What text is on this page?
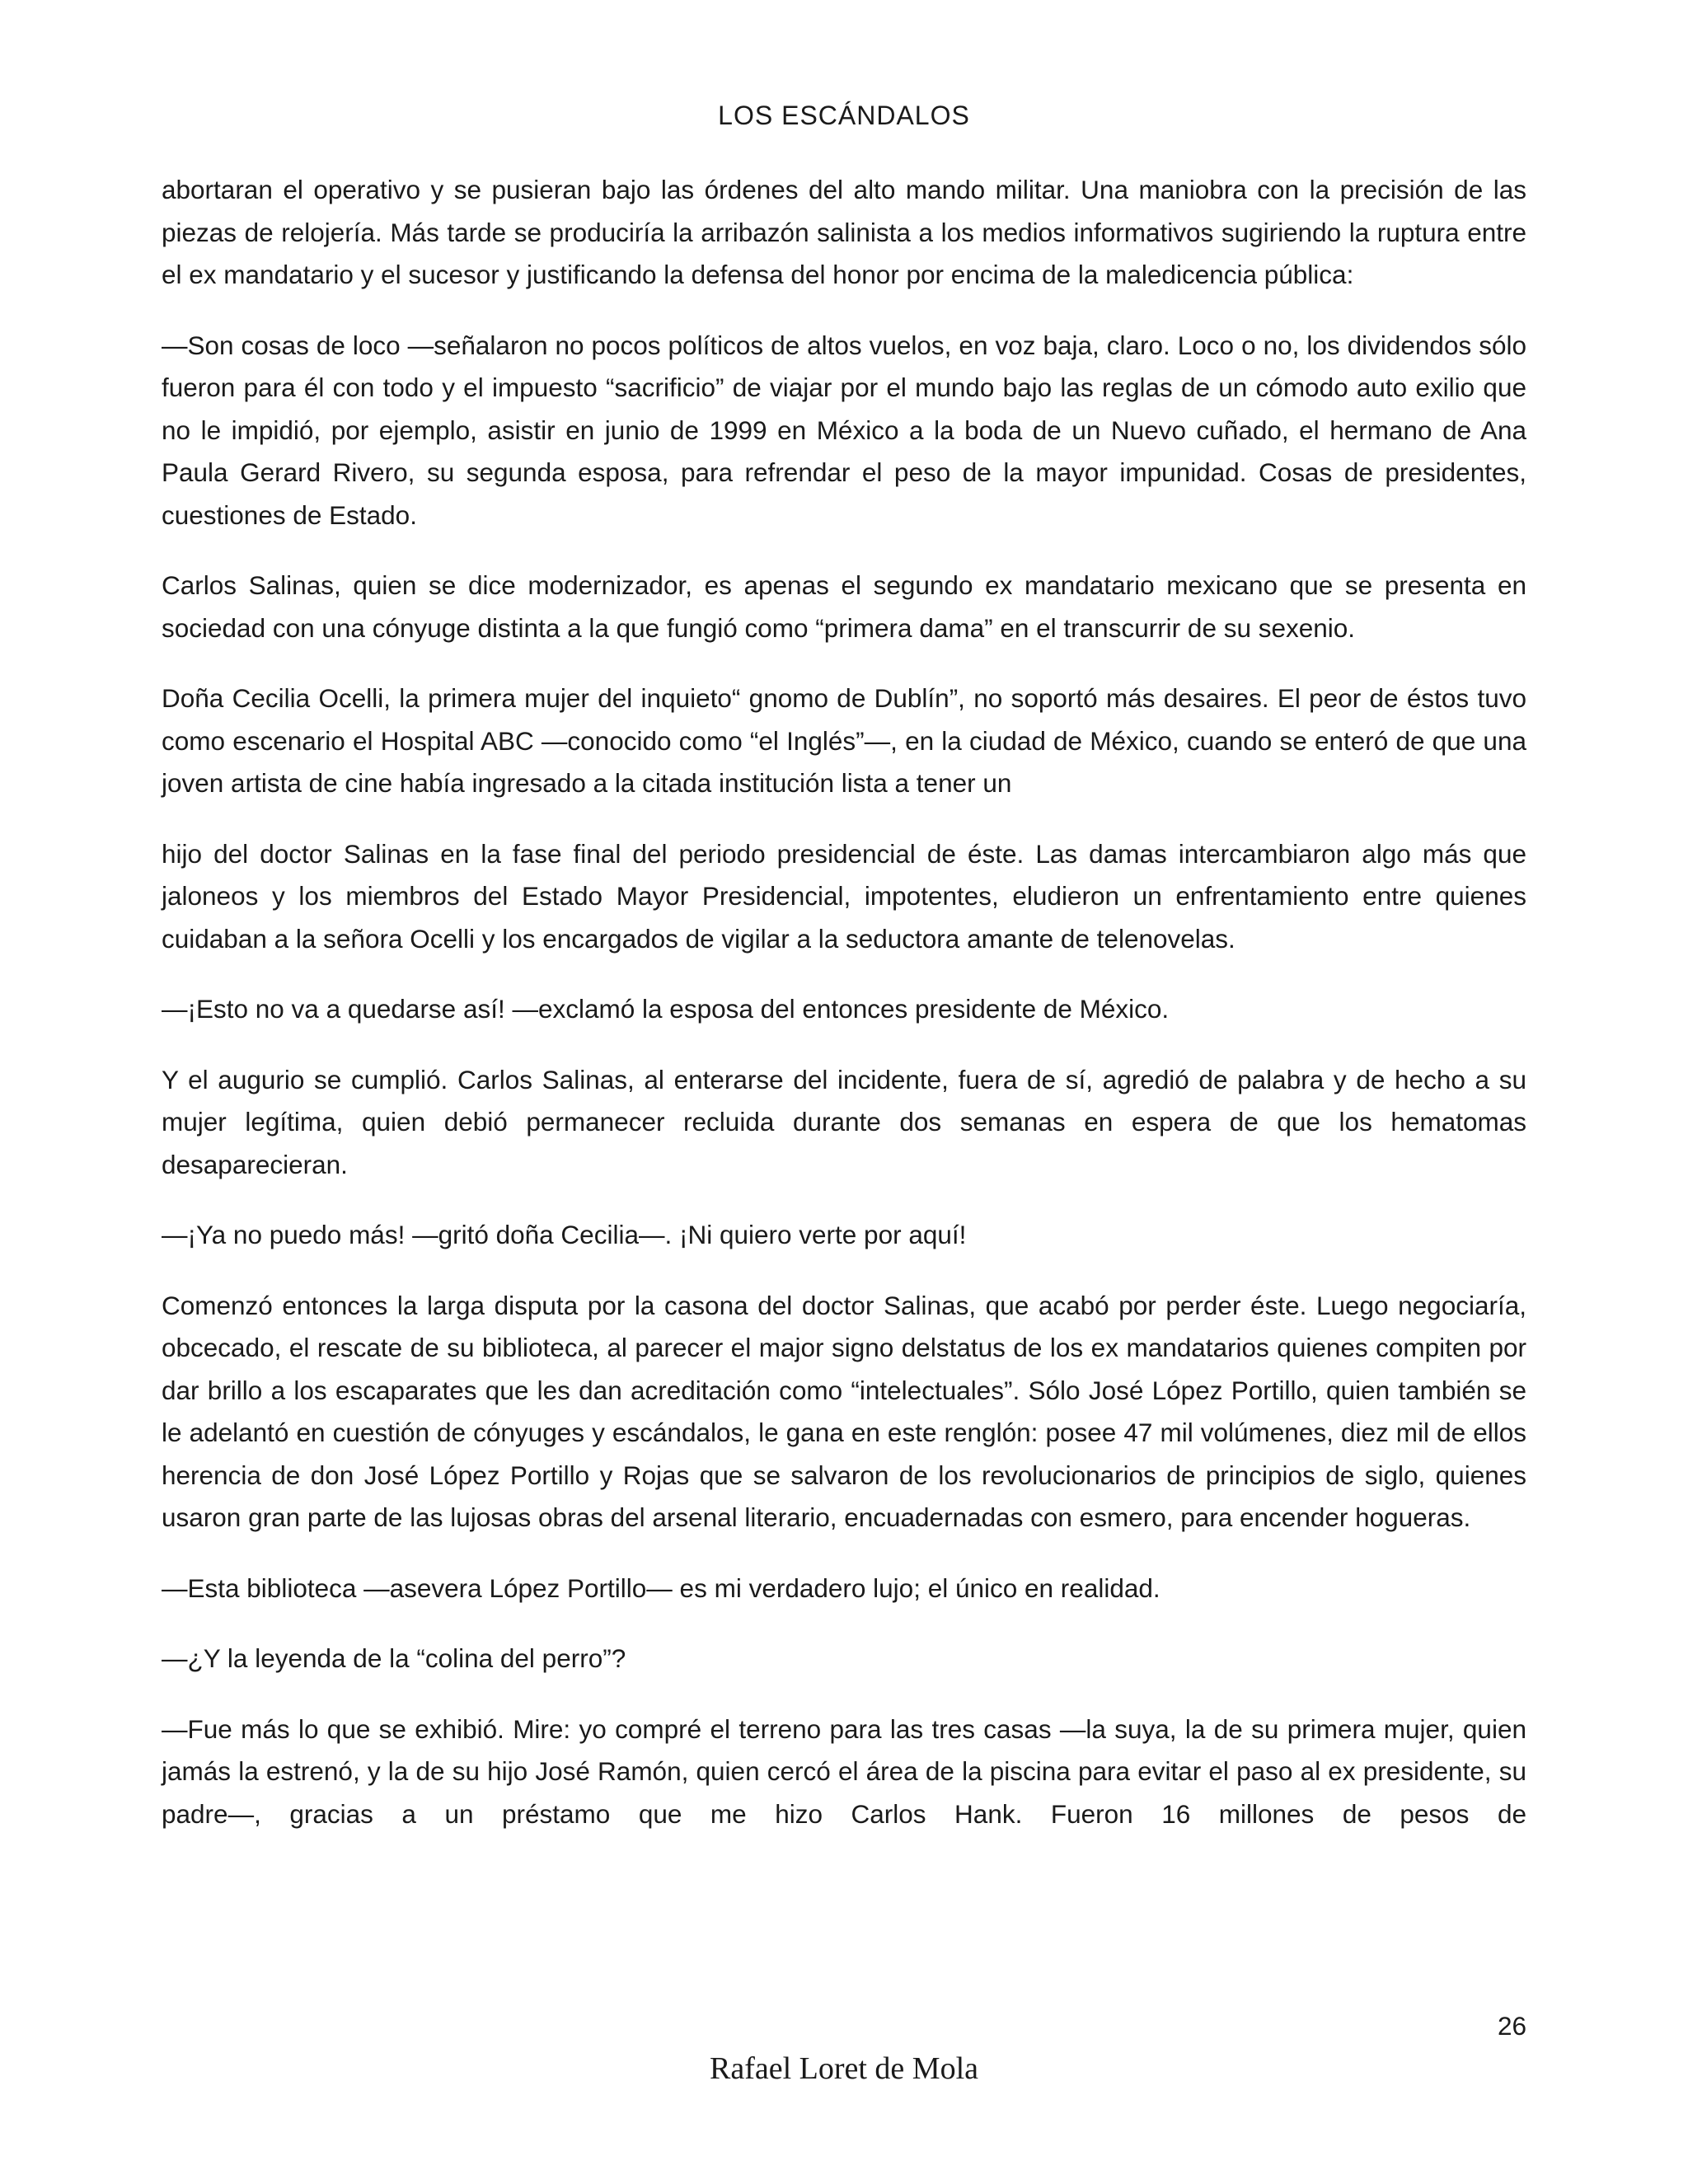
LOS ESCÁNDALOS

abortaran el operativo y se pusieran bajo las órdenes del alto mando militar. Una maniobra con la precisión de las piezas de relojería. Más tarde se produciría la arribazón salinista a los medios informativos sugiriendo la ruptura entre el ex mandatario y el sucesor y justificando la defensa del honor por encima de la maledicencia pública:

—Son cosas de loco —señalaron no pocos políticos de altos vuelos, en voz baja, claro. Loco o no, los dividendos sólo fueron para él con todo y el impuesto “sacrificio” de viajar por el mundo bajo las reglas de un cómodo auto exilio que no le impidió, por ejemplo, asistir en junio de 1999 en México a la boda de un Nuevo cuñado, el hermano de Ana Paula Gerard Rivero, su segunda esposa, para refrendar el peso de la mayor impunidad. Cosas de presidentes, cuestiones de Estado.

Carlos Salinas, quien se dice modernizador, es apenas el segundo ex mandatario mexicano que se presenta en sociedad con una cónyuge distinta a la que fungió como “primera dama” en el transcurrir de su sexenio.

Doña Cecilia Ocelli, la primera mujer del inquieto“ gnomo de Dublín”, no soportó más desaires. El peor de éstos tuvo como escenario el Hospital ABC —conocido como “el Inglés”—, en la ciudad de México, cuando se enteró de que una joven artista de cine había ingresado a la citada institución lista a tener un

hijo del doctor Salinas en la fase final del periodo presidencial de éste. Las damas intercambiaron algo más que jaloneos y los miembros del Estado Mayor Presidencial, impotentes, eludieron un enfrentamiento entre quienes cuidaban a la señora Ocelli y los encargados de vigilar a la seductora amante de telenovelas.

—¡Esto no va a quedarse así! —exclamó la esposa del entonces presidente de México.

Y el augurio se cumplió. Carlos Salinas, al enterarse del incidente, fuera de sí, agredió de palabra y de hecho a su mujer legítima, quien debió permanecer recluida durante dos semanas en espera de que los hematomas desaparecieran.

—¡Ya no puedo más! —gritó doña Cecilia—. ¡Ni quiero verte por aquí!

Comenzó entonces la larga disputa por la casona del doctor Salinas, que acabó por perder éste. Luego negociaría, obcecado, el rescate de su biblioteca, al parecer el major signo delstatus de los ex mandatarios quienes compiten por dar brillo a los escaparates que les dan acreditación como “intelectuales”. Sólo José López Portillo, quien también se le adelantó en cuestión de cónyuges y escándalos, le gana en este renglón: posee 47 mil volúmenes, diez mil de ellos herencia de don José López Portillo y Rojas que se salvaron de los revolucionarios de principios de siglo, quienes usaron gran parte de las lujosas obras del arsenal literario, encuadernadas con esmero, para encender hogueras.

—Esta biblioteca —asevera López Portillo— es mi verdadero lujo; el único en realidad.

—¿Y la leyenda de la “colina del perro”?

—Fue más lo que se exhibió. Mire: yo compré el terreno para las tres casas —la suya, la de su primera mujer, quien jamás la estrenó, y la de su hijo José Ramón, quien cercó el área de la piscina para evitar el paso al ex presidente, su padre—, gracias a un préstamo que me hizo Carlos Hank. Fueron 16 millones de pesos de

26
Rafael Loret de Mola
